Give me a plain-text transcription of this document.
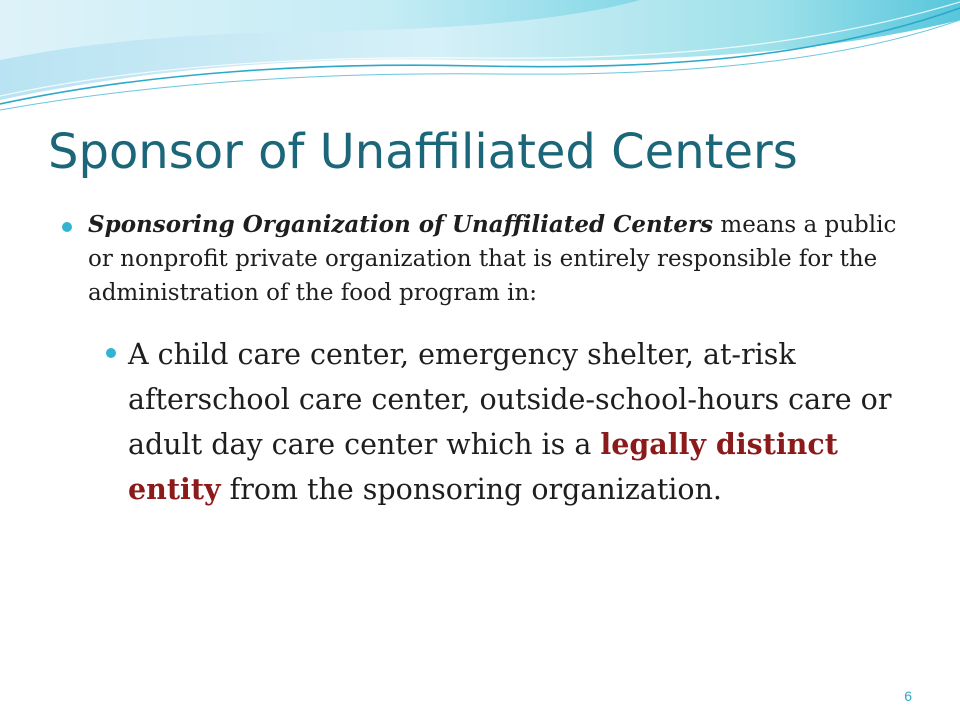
Sponsor of Unaffiliated Centers
Sponsoring Organization of Unaffiliated Centers means a public or nonprofit private organization that is entirely responsible for the administration of the food program in:
A child care center, emergency shelter, at-risk afterschool care center, outside-school-hours care or adult day care center which is a legally distinct entity from the sponsoring organization.
6
